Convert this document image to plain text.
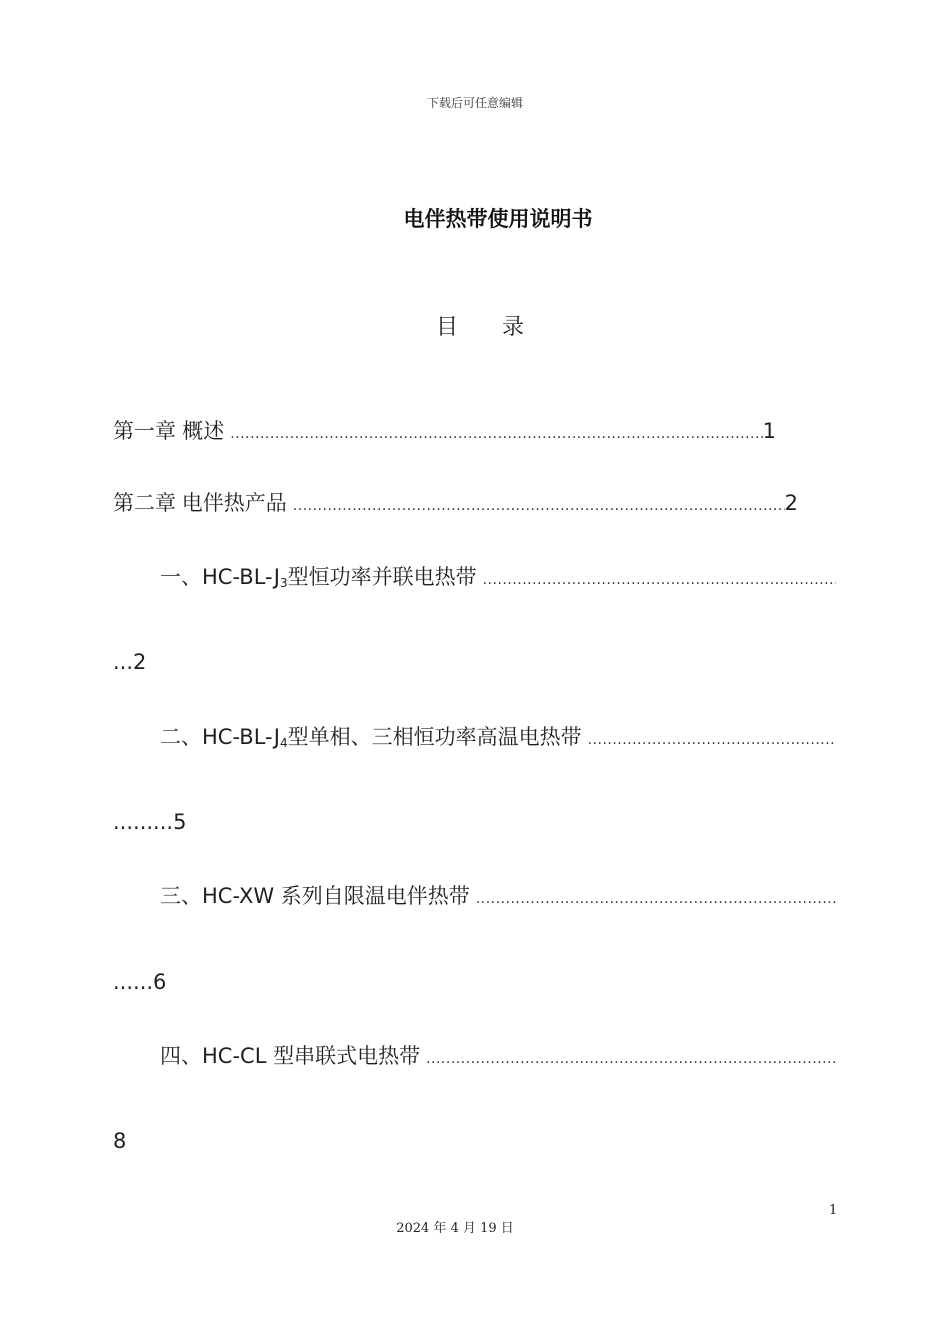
下载后可任意编辑
电伴热带使用说明书
目 录
第一章 概述 .....	1
第二章 电伴热产品 .....	2
一、$HC-BL-J_3$型恒功率并联电热带
.....
...2
二、$HC-BL-J_4$型单相、三相恒功率高温电热带
.....
.........5
三、HC-XW 系列自限温电伴热带
.....
......6
四、HC-CL 型串联式电热带
.....
8
1
2024 年 4 月 19 日
